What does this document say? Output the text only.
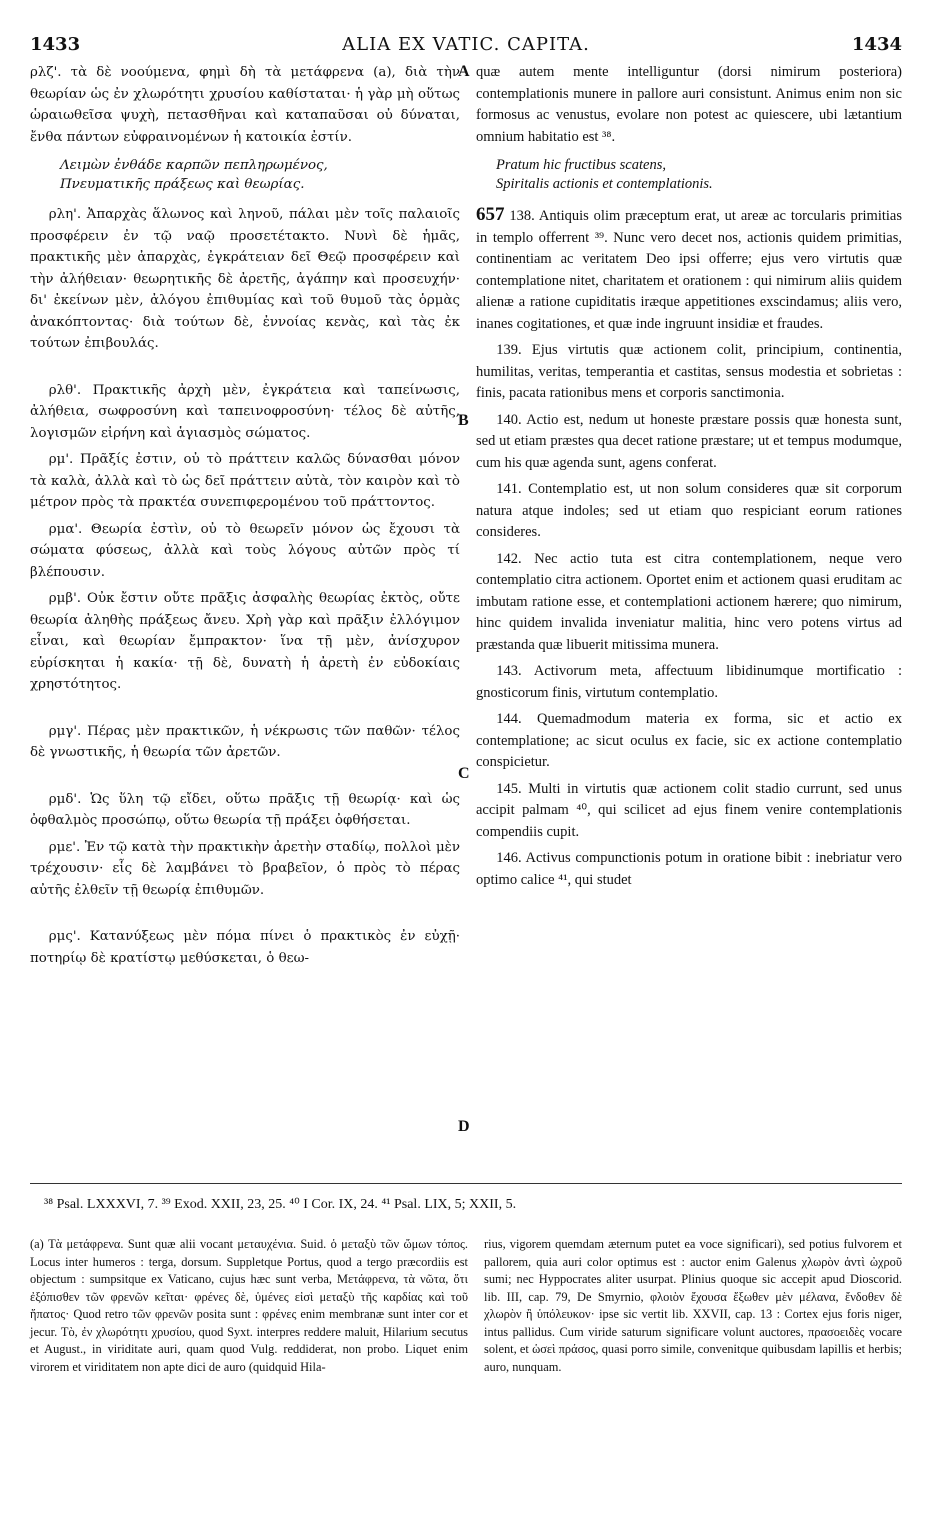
ALIA EX VATIC. CAPITA.
1433	1434
A
B
C
D

ρλζ'. τὰ δὲ νοούμενα, φημὶ δὴ τὰ μετάφρενα (a), διὰ τὴν θεωρίαν ὡς ἐν χλωρότητι χρυσίου καθίσταται· ἡ γὰρ μὴ οὕτως ὡραιωθεῖσα ψυχὴ, πετασθῆναι καὶ καταπαῦσαι οὐ δύναται, ἔνθα πάντων εὐφραινομένων ἡ κατοικία ἐστίν.

Λειμὼν ἐνθάδε καρπῶν πεπληρωμένος,
Πνευματικῆς πράξεως καὶ θεωρίας.

ρλη'. Ἀπαρχὰς ἅλωνος καὶ ληνοῦ, πάλαι μὲν τοῖς παλαιοῖς προσφέρειν ἐν τῷ ναῷ προσετέτακτο. Νυνὶ δὲ ἡμᾶς, πρακτικῆς μὲν ἀπαρχὰς, ἐγκράτειαν δεῖ Θεῷ προσφέρειν καὶ τὴν ἀλήθειαν· θεωρητικῆς δὲ ἀρετῆς, ἀγάπην καὶ προσευχήν· δι' ἐκείνων μὲν, ἀλόγου ἐπιθυμίας καὶ τοῦ θυμοῦ τὰς ὁρμὰς ἀνακόπτοντας· διὰ τούτων δὲ, ἐννοίας κενὰς, καὶ τὰς ἐκ τούτων ἐπιβουλάς.

ρλθ'. Πρακτικῆς ἀρχὴ μὲν, ἐγκράτεια καὶ ταπείνωσις, ἀλήθεια, σωφροσύνη καὶ ταπεινοφροσύνη· τέλος δὲ αὐτῆς, λογισμῶν εἰρήνη καὶ ἁγιασμὸς σώματος.

ρμ'. Πρᾶξίς ἐστιν, οὐ τὸ πράττειν καλῶς δύνασθαι μόνον τὰ καλὰ, ἀλλὰ καὶ τὸ ὡς δεῖ πράττειν αὐτὰ, τὸν καιρὸν καὶ τὸ μέτρον πρὸς τὰ πρακτέα συνεπιφερομένου τοῦ πράττοντος.

ρμα'. Θεωρία ἐστὶν, οὐ τὸ θεωρεῖν μόνον ὡς ἔχουσι τὰ σώματα φύσεως, ἀλλὰ καὶ τοὺς λόγους αὐτῶν πρὸς τί βλέπουσιν.

ρμβ'. Οὐκ ἔστιν οὔτε πρᾶξις ἀσφαλὴς θεωρίας ἐκτὸς, οὔτε θεωρία ἀληθὴς πράξεως ἄνευ. Χρὴ γὰρ καὶ πρᾶξιν ἐλλόγιμον εἶναι, καὶ θεωρίαν ἔμπρακτον· ἵνα τῇ μὲν, ἀνίσχυρον εὑρίσκηται ἡ κακία· τῇ δὲ, δυνατὴ ἡ ἀρετὴ ἐν εὐδοκίαις χρηστότητος.

ρμγ'. Πέρας μὲν πρακτικῶν, ἡ νέκρωσις τῶν παθῶν· τέλος δὲ γνωστικῆς, ἡ θεωρία τῶν ἀρετῶν.

ρμδ'. Ὡς ὕλη τῷ εἴδει, οὕτω πρᾶξις τῇ θεωρίᾳ· καὶ ὡς ὀφθαλμὸς προσώπῳ, οὕτω θεωρία τῇ πράξει ὀφθήσεται.

ρμε'. Ἐν τῷ κατὰ τὴν πρακτικὴν ἀρετὴν σταδίῳ, πολλοὶ μὲν τρέχουσιν· εἷς δὲ λαμβάνει τὸ βραβεῖον, ὁ πρὸς τὸ πέρας αὐτῆς ἐλθεῖν τῇ θεωρίᾳ ἐπιθυμῶν.

ρμς'. Κατανύξεως μὲν πόμα πίνει ὁ πρακτικὸς ἐν εὐχῇ· ποτηρίῳ δὲ κρατίστῳ μεθύσκεται, ὁ θεω-

quæ autem mente intelliguntur (dorsi nimirum posteriora) contemplationis munere in pallore auri consistunt. Animus enim non sic formosus ac venustus, evolare non potest ac quiescere, ubi lætantium omnium habitatio est ³⁸.

Pratum hic fructibus scatens,
Spiritalis actionis et contemplationis.

657 138. Antiquis olim præceptum erat, ut areæ ac torcularis primitias in templo offerrent ³⁹. Nunc vero decet nos, actionis quidem primitias, continentiam ac veritatem Deo ipsi offerre; ejus vero virtutis quæ contemplatione nitet, charitatem et orationem : qui nimirum aliis quidem alienæ a ratione cupiditatis iræque appetitiones exscindamus; aliis vero, inanes cogitationes, et quæ inde ingruunt insidiæ et fraudes.

139. Ejus virtutis quæ actionem colit, principium, continentia, humilitas, veritas, temperantia et castitas, sensus modestia et sobrietas : finis, pacata rationibus mens et corporis sanctimonia.

140. Actio est, nedum ut honeste præstare possis quæ honesta sunt, sed ut etiam præstes qua decet ratione præstare; ut et tempus modumque, cum his quæ agenda sunt, agens conferat.

141. Contemplatio est, ut non solum consideres quæ sit corporum natura atque indoles; sed ut etiam quo respiciant eorum rationes consideres.

142. Nec actio tuta est citra contemplationem, neque vero contemplatio citra actionem. Oportet enim et actionem quasi eruditam ac imbutam ratione esse, et contemplationi actionem hærere; quo nimirum, hinc quidem invalida inveniatur malitia, hinc vero potens virtus ad præstanda quæ libuerit mitissima munera.

143. Activorum meta, affectuum libidinumque mortificatio : gnosticorum finis, virtutum contemplatio.

144. Quemadmodum materia ex forma, sic et actio ex contemplatione; ac sicut oculus ex facie, sic ex actione contemplatio conspicietur.

145. Multi in virtutis quæ actionem colit stadio currunt, sed unus accipit palmam ⁴⁰, qui scilicet ad ejus finem venire contemplationis compendiis cupit.

146. Activus compunctionis potum in oratione bibit : inebriatur vero optimo calice ⁴¹, qui studet

³⁸ Psal. LXXXVI, 7. ³⁹ Exod. XXII, 23, 25. ⁴⁰ I Cor. IX, 24. ⁴¹ Psal. LIX, 5; XXII, 5.
(a) Τὰ μετάφρενα. Sunt quæ alii vocant μεταυχένια. Suid. ὁ μεταξὺ τῶν ὤμων τόπος. Locus inter humeros : terga, dorsum. Suppletque Portus, quod a tergo præcordiis est objectum : sumpsitque ex Vaticano, cujus hæc sunt verba, Μετάφρενα, τὰ νῶτα, ὅτι ἐξόπισθεν τῶν φρενῶν κεῖται· φρένες δὲ, ὑμένες εἰσὶ μεταξὺ τῆς καρδίας καὶ τοῦ ἥπατος· Quod retro τῶν φρενῶν posita sunt : φρένες enim membranæ sunt inter cor et jecur. Τὸ, ἐν χλωρότητι χρυσίου, quod Syxt. interpres reddere maluit, Hilarium secutus et August., in viriditate auri, quam quod Vulg. reddiderat, non probo. Liquet enim virorem et viriditatem non apte dici de auro (quidquid Hila-
rius, vigorem quemdam æternum putet ea voce significari), sed potius fulvorem et pallorem, quia auri color optimus est : auctor enim Galenus χλωρὸν ἀντὶ ὠχροῦ sumi; nec Hyppocrates aliter usurpat. Plinius quoque sic accepit apud Dioscorid. lib. III, cap. 79, De Smyrnio, φλοιὸν ἔχουσα ἔξωθεν μὲν μέλανα, ἔνδοθεν δὲ χλωρὸν ἢ ὑπόλευκον· ipse sic vertit lib. XXVII, cap. 13 : Cortex ejus foris niger, intus pallidus. Cum viride saturum significare volunt auctores, πρασοειδὲς vocare solent, et ὡσεὶ πράσος, quasi porro simile, convenitque quibusdam lapillis et herbis; auro, nunquam.
